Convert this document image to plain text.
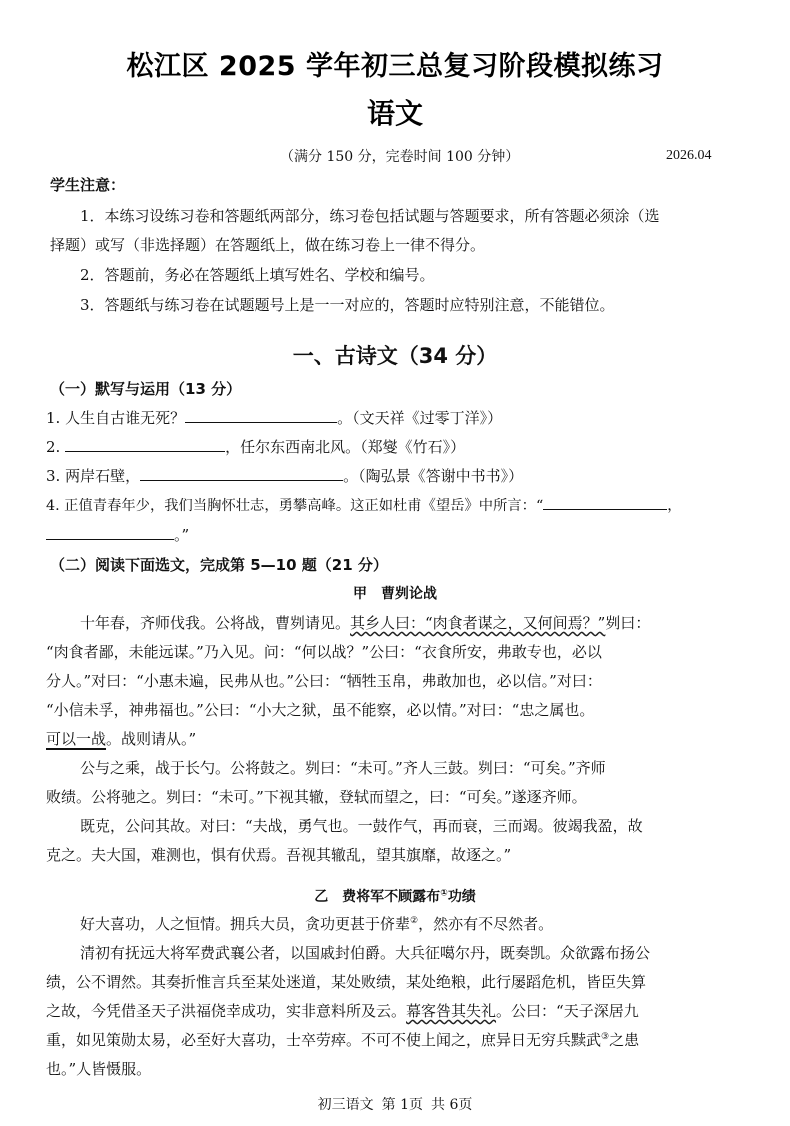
松江区 2025 学年初三总复习阶段模拟练习
语文
（满分 150 分，完卷时间 100 分钟）	2026.04
学生注意：
1．本练习设练习卷和答题纸两部分，练习卷包括试题与答题要求，所有答题必须涂（选
择题）或写（非选择题）在答题纸上，做在练习卷上一律不得分。
2．答题前，务必在答题纸上填写姓名、学校和编号。
3．答题纸与练习卷在试题题号上是一一对应的，答题时应特别注意，不能错位。
一、古诗文（34 分）
（一）默写与运用（13 分）
1. 人生自古谁无死？	。（文天祥《过零丁洋》）
2.	，任尔东西南北风。（郑燮《竹石》）
3. 两岸石壁，	。（陶弘景《答谢中书书》）
4. 正值青春年少，我们当胸怀壮志，勇攀高峰。这正如杜甫《望岳》中所言：“	，
。”
（二）阅读下面选文，完成第 5—10 题（21 分）
甲　曹刿论战
十年春，齐师伐我。公将战，曹刿请见。其乡人曰：“肉食者谋之，又何间焉？”刿曰：
“肉食者鄙，未能远谋。”乃入见。问：“何以战？”公曰：“衣食所安，弗敢专也，必以
分人。”对曰：“小惠未遍，民弗从也。”公曰：“牺牲玉帛，弗敢加也，必以信。”对曰：
“小信未孚，神弗福也。”公曰：“小大之狱，虽不能察，必以情。”对曰：“忠之属也。
可以一战。战则请从。”
公与之乘，战于长勺。公将鼓之。刿曰：“未可。”齐人三鼓。刿曰：“可矣。”齐师
败绩。公将驰之。刿曰：“未可。”下视其辙，登轼而望之，曰：“可矣。”遂逐齐师。
既克，公问其故。对曰：“夫战，勇气也。一鼓作气，再而衰，三而竭。彼竭我盈，故
克之。夫大国，难测也，惧有伏焉。吾视其辙乱，望其旗靡，故逐之。”
乙　费将军不顾露布①功绩
好大喜功，人之恒情。拥兵大员，贪功更甚于侪辈②，然亦有不尽然者。
清初有抚远大将军费武襄公者，以国戚封伯爵。大兵征噶尔丹，既奏凯。众欲露布扬公
绩，公不谓然。其奏折惟言兵至某处迷道，某处败绩，某处绝粮，此行屡蹈危机，皆臣失算
之故，今凭借圣天子洪福侥幸成功，实非意料所及云。幕客咎其失礼。公曰：“天子深居九
重，如见策勋太易，必至好大喜功，士卒劳瘁。不可不使上闻之，庶异日无穷兵黩武③之患
也。”人皆慑服。
初三语文 第 1页 共 6页
